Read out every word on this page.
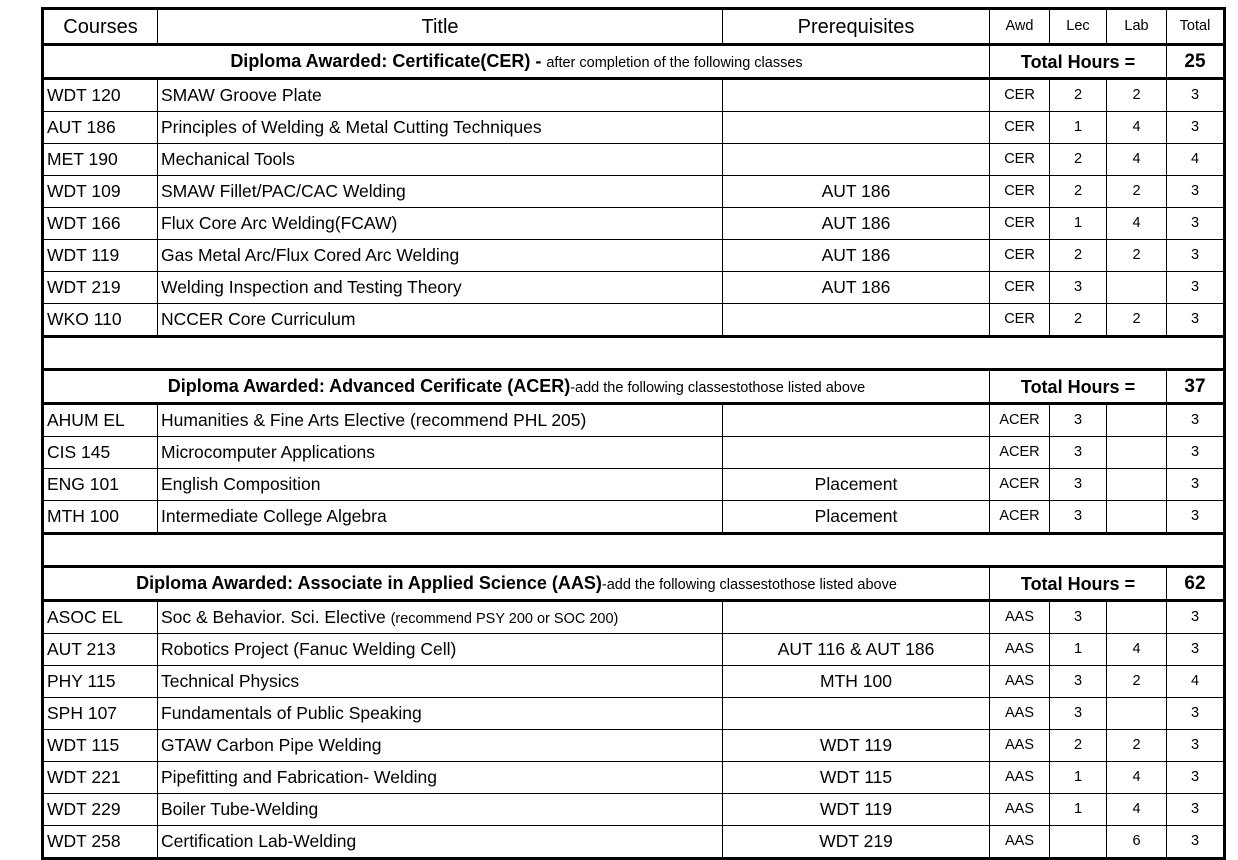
Courses	Title	Prerequisites	Awd	Lec	Lab	Total
Diploma Awarded: Certificate(CER) - after completion of the following classes			Total Hours =			25
WDT 120	SMAW Groove Plate		CER	2	2	3
AUT 186	Principles of Welding & Metal Cutting Techniques		CER	1	4	3
MET 190	Mechanical Tools		CER	2	4	4
WDT 109	SMAW Fillet/PAC/CAC Welding	AUT 186	CER	2	2	3
WDT 166	Flux Core Arc Welding(FCAW)	AUT 186	CER	1	4	3
WDT 119	Gas Metal Arc/Flux Cored Arc Welding	AUT 186	CER	2	2	3
WDT 219	Welding Inspection and Testing Theory	AUT 186	CER	3		3
WKO 110	NCCER Core Curriculum		CER	2	2	3

Diploma Awarded: Advanced Cerificate (ACER)-add the following classestothose listed above			Total Hours =			37
AHUM EL	Humanities & Fine Arts Elective (recommend PHL 205)		ACER	3		3
CIS 145	Microcomputer Applications		ACER	3		3
ENG 101	English Composition	Placement	ACER	3		3
MTH 100	Intermediate College Algebra	Placement	ACER	3		3

Diploma Awarded: Associate in Applied Science (AAS)-add the following classestothose listed above			Total Hours =			62
ASOC EL	Soc & Behavior. Sci. Elective (recommend PSY 200 or SOC 200)		AAS	3		3
AUT 213	Robotics Project (Fanuc Welding Cell)	AUT 116 & AUT 186	AAS	1	4	3
PHY 115	Technical Physics	MTH 100	AAS	3	2	4
SPH 107	Fundamentals of Public Speaking		AAS	3		3
WDT 115	GTAW Carbon Pipe Welding	WDT 119	AAS	2	2	3
WDT 221	Pipefitting and Fabrication- Welding	WDT 115	AAS	1	4	3
WDT 229	Boiler Tube-Welding	WDT 119	AAS	1	4	3
WDT 258	Certification Lab-Welding	WDT 219	AAS		6	3
